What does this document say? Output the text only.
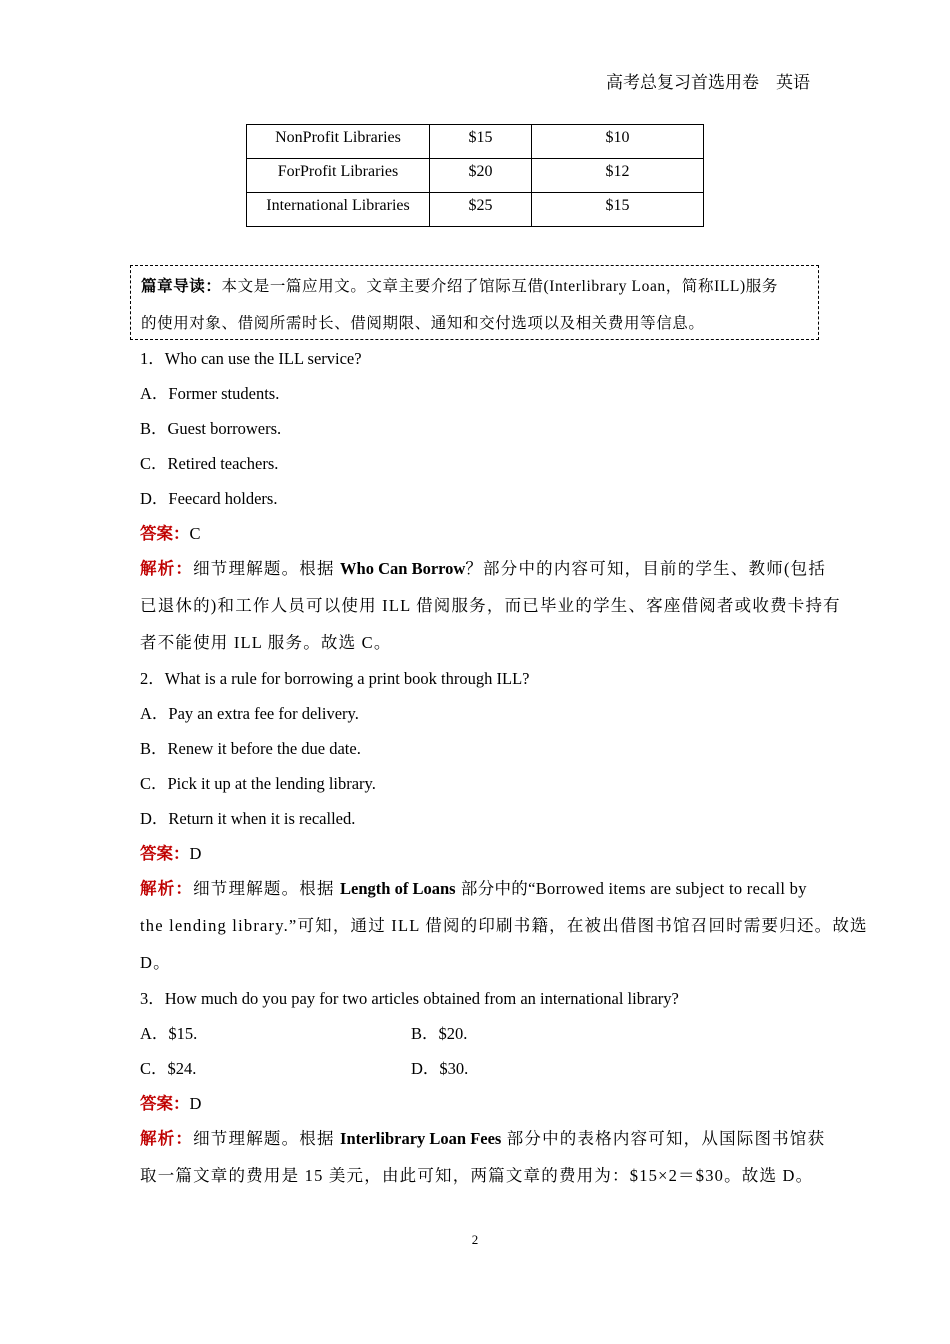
高考总复习首选用卷　英语
NonProfit Libraries	$15	$10
ForProfit Libraries	$20	$12
International Libraries	$25	$15
篇章导读：本文是一篇应用文。文章主要介绍了馆际互借(Interlibrary Loan，简称ILL)服务
的使用对象、借阅所需时长、借阅期限、通知和交付选项以及相关费用等信息。
1．Who can use the ILL service?
A．Former students.
B．Guest borrowers.
C．Retired teachers.
D．Feecard holders.
答案：C
解析：细节理解题。根据 Who Can Borrow？部分中的内容可知，目前的学生、教师(包括
已退休的)和工作人员可以使用 ILL 借阅服务，而已毕业的学生、客座借阅者或收费卡持有
者不能使用 ILL 服务。故选 C。
2．What is a rule for borrowing a print book through ILL?
A．Pay an extra fee for delivery.
B．Renew it before the due date.
C．Pick it up at the lending library.
D．Return it when it is recalled.
答案：D
解析：细节理解题。根据 Length of Loans 部分中的“Borrowed items are subject to recall by
the lending library.”可知，通过 ILL 借阅的印刷书籍，在被出借图书馆召回时需要归还。故选
D。
3．How much do you pay for two articles obtained from an international library?
A．$15.	B．$20.
C．$24.	D．$30.
答案：D
解析：细节理解题。根据 Interlibrary Loan Fees 部分中的表格内容可知，从国际图书馆获
取一篇文章的费用是 15 美元，由此可知，两篇文章的费用为：$15×2＝$30。故选 D。
2
